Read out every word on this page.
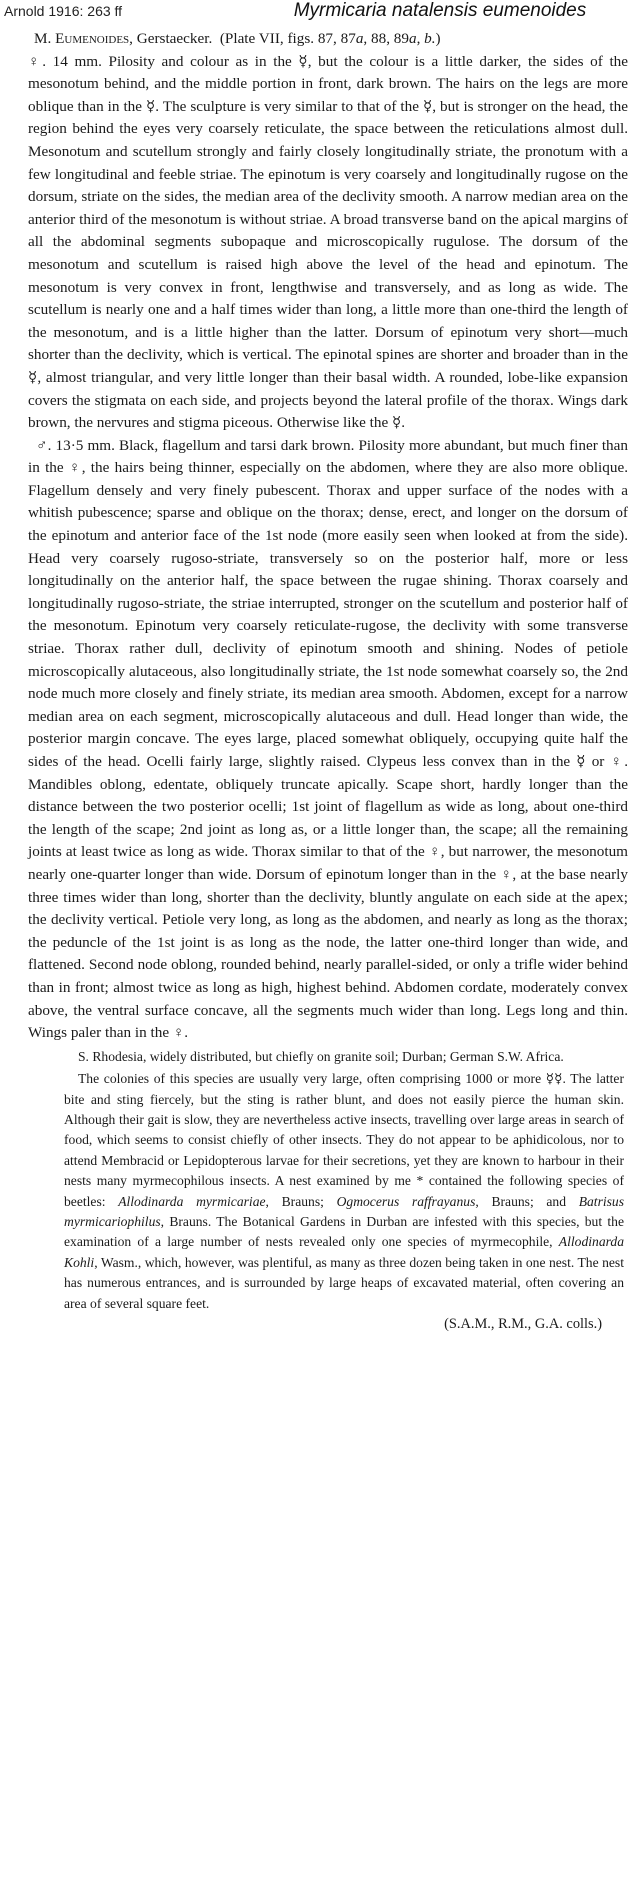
Arnold 1916: 263 ff	Myrmicaria natalensis eumenoides

M. Eumenoides, Gerstaecker. (Plate VII, figs. 87, 87a, 88, 89a, b.)
♀. 14 mm. Pilosity and colour as in the ☿, but the colour is a little darker, the sides of the mesonotum behind, and the middle portion in front, dark brown. The hairs on the legs are more oblique than in the ☿. The sculpture is very similar to that of the ☿, but is stronger on the head, the region behind the eyes very coarsely reticulate, the space between the reticulations almost dull. Mesonotum and scutellum strongly and fairly closely longitudinally striate, the pronotum with a few longitudinal and feeble striae. The epinotum is very coarsely and longitudinally rugose on the dorsum, striate on the sides, the median area of the declivity smooth. A narrow median area on the anterior third of the mesonotum is without striae. A broad transverse band on the apical margins of all the abdominal segments subopaque and microscopically rugulose. The dorsum of the mesonotum and scutellum is raised high above the level of the head and epinotum. The mesonotum is very convex in front, lengthwise and transversely, and as long as wide. The scutellum is nearly one and a half times wider than long, a little more than one-third the length of the mesonotum, and is a little higher than the latter. Dorsum of epinotum very short—much shorter than the declivity, which is vertical. The epinotal spines are shorter and broader than in the ☿, almost triangular, and very little longer than their basal width. A rounded, lobe-like expansion covers the stigmata on each side, and projects beyond the lateral profile of the thorax. Wings dark brown, the nervures and stigma piceous. Otherwise like the ☿.

♂. 13·5 mm. Black, flagellum and tarsi dark brown. Pilosity more abundant, but much finer than in the ♀, the hairs being thinner, especially on the abdomen, where they are also more oblique. Flagellum densely and very finely pubescent. Thorax and upper surface of the nodes with a whitish pubescence; sparse and oblique on the thorax; dense, erect, and longer on the dorsum of the epinotum and anterior face of the 1st node (more easily seen when looked at from the side). Head very coarsely rugoso-striate, transversely so on the posterior half, more or less longitudinally on the anterior half, the space between the rugae shining. Thorax coarsely and longitudinally rugoso-striate, the striae interrupted, stronger on the scutellum and posterior half of the mesonotum. Epinotum very coarsely reticulate-rugose, the declivity with some transverse striae. Thorax rather dull, declivity of epinotum smooth and shining. Nodes of petiole microscopically alutaceous, also longitudinally striate, the 1st node somewhat coarsely so, the 2nd node much more closely and finely striate, its median area smooth. Abdomen, except for a narrow median area on each segment, microscopically alutaceous and dull. Head longer than wide, the posterior margin concave. The eyes large, placed somewhat obliquely, occupying quite half the sides of the head. Ocelli fairly large, slightly raised. Clypeus less convex than in the ☿ or ♀. Mandibles oblong, edentate, obliquely truncate apically. Scape short, hardly longer than the distance between the two posterior ocelli; 1st joint of flagellum as wide as long, about one-third the length of the scape; 2nd joint as long as, or a little longer than, the scape; all the remaining joints at least twice as long as wide. Thorax similar to that of the ♀, but narrower, the mesonotum nearly one-quarter longer than wide. Dorsum of epinotum longer than in the ♀, at the base nearly three times wider than long, shorter than the declivity, bluntly angulate on each side at the apex; the declivity vertical. Petiole very long, as long as the abdomen, and nearly as long as the thorax; the peduncle of the 1st joint is as long as the node, the latter one-third longer than wide, and flattened. Second node oblong, rounded behind, nearly parallel-sided, or only a trifle wider behind than in front; almost twice as long as high, highest behind. Abdomen cordate, moderately convex above, the ventral surface concave, all the segments much wider than long. Legs long and thin. Wings paler than in the ♀.

S. Rhodesia, widely distributed, but chiefly on granite soil; Durban; German S.W. Africa.

The colonies of this species are usually very large, often comprising 1000 or more ☿☿. The latter bite and sting fiercely, but the sting is rather blunt, and does not easily pierce the human skin. Although their gait is slow, they are nevertheless active insects, travelling over large areas in search of food, which seems to consist chiefly of other insects. They do not appear to be aphidicolous, nor to attend Membracid or Lepidopterous larvae for their secretions, yet they are known to harbour in their nests many myrmecophilous insects. A nest examined by me * contained the following species of beetles: Allodinarda myrmicariae, Brauns; Ogmocerus raffrayanus, Brauns; and Batrisus myrmicariophilus, Brauns. The Botanical Gardens in Durban are infested with this species, but the examination of a large number of nests revealed only one species of myrmecophile, Allodinarda Kohli, Wasm., which, however, was plentiful, as many as three dozen being taken in one nest. The nest has numerous entrances, and is surrounded by large heaps of excavated material, often covering an area of several square feet.

(S.A.M., R.M., G.A. colls.)
